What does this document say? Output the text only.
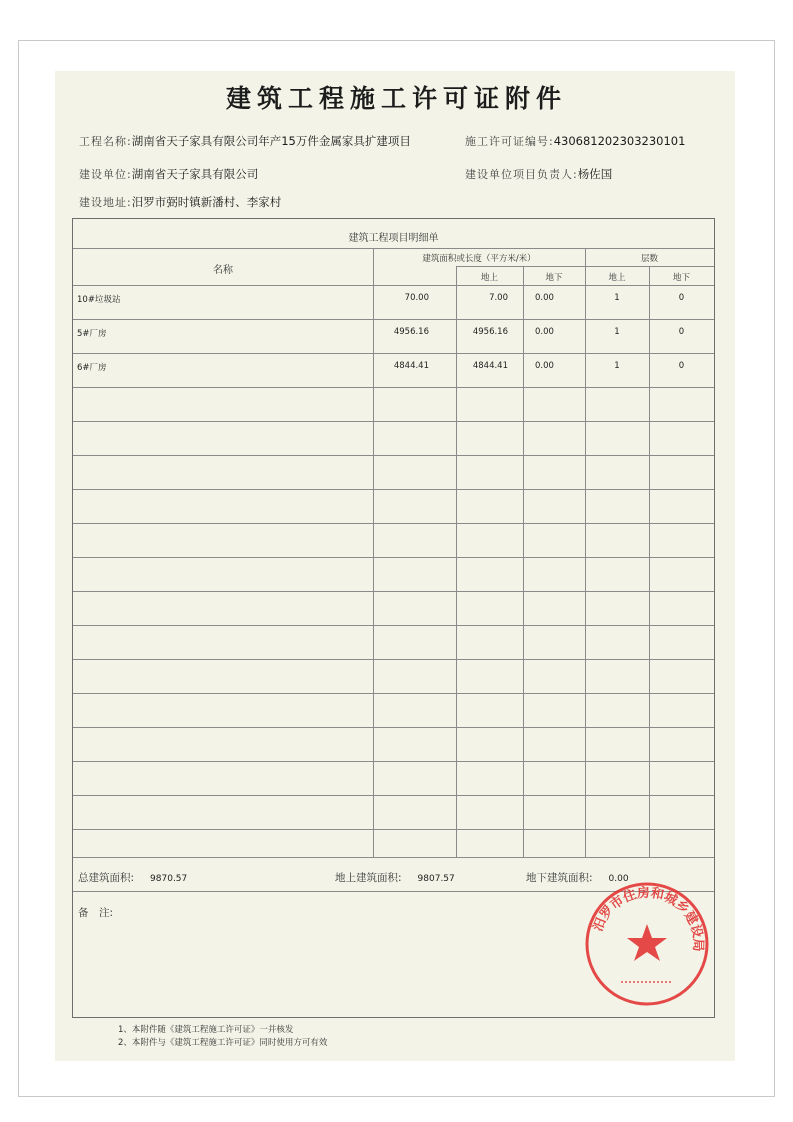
建筑工程施工许可证附件
工程名称:湖南省天子家具有限公司年产15万件金属家具扩建项目	施工许可证编号:430681202303230101
建设单位:湖南省天子家具有限公司	建设单位项目负责人:杨佐国
建设地址:汨罗市弼时镇新潘村、李家村
建筑工程项目明细单
名称
建筑面积或长度（平方米/米）	层数
地上	地下	地上	地下
10#垃圾站	70.00	7.00	0.00	1	0
5#厂房	4956.16	4956.16	0.00	1	0
6#厂房	4844.41	4844.41	0.00	1	0
总建筑面积: 9870.57	地上建筑面积: 9807.57	地下建筑面积: 0.00
备　注:
1、本附件随《建筑工程施工许可证》一并核发
2、本附件与《建筑工程施工许可证》同时使用方可有效
汨罗市住房和城乡建设局
